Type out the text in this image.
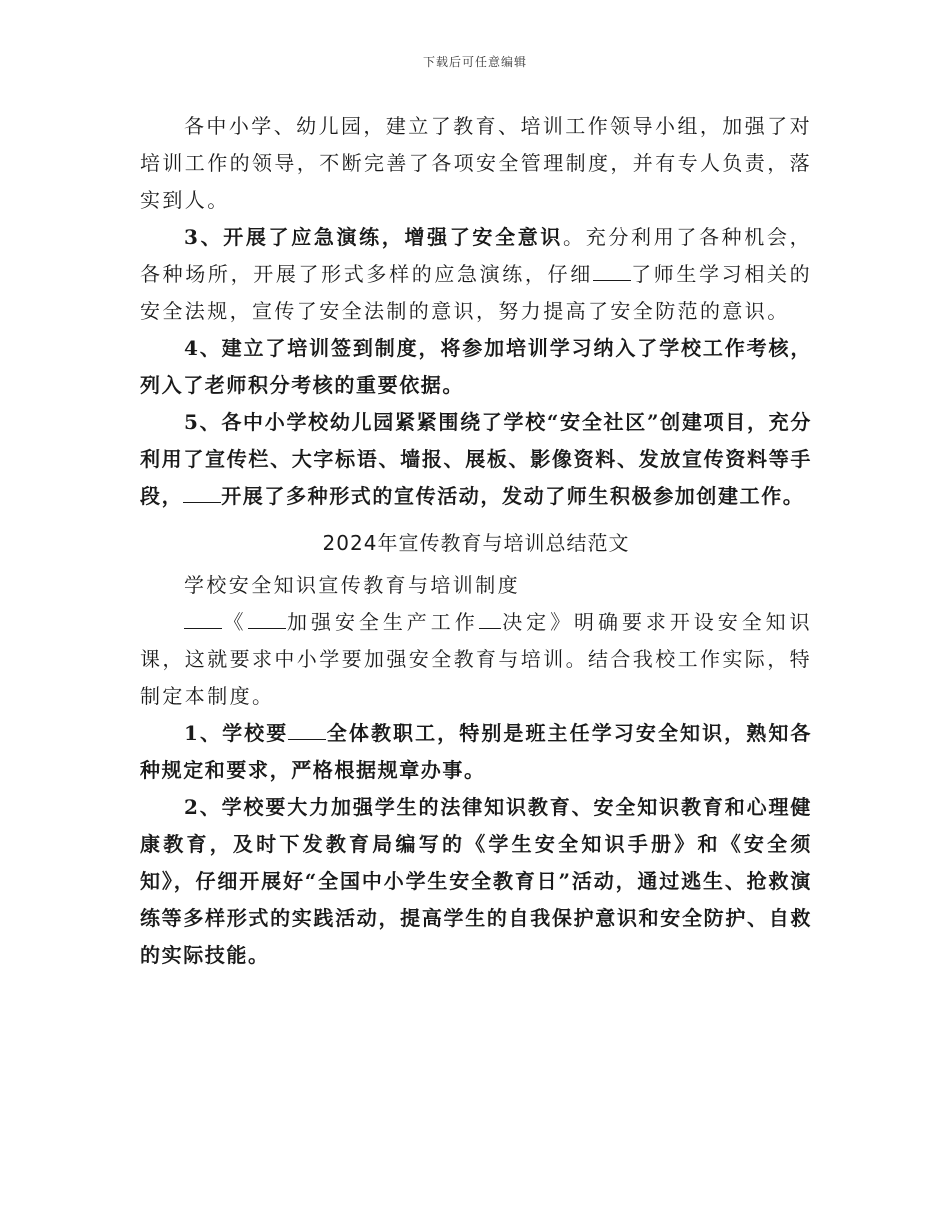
下载后可任意编辑

各中小学、幼儿园，建立了教育、培训工作领导小组，加强了对培训工作的领导，不断完善了各项安全管理制度，并有专人负责，落实到人。

3、开展了应急演练，增强了安全意识。充分利用了各种机会，各种场所，开展了形式多样的应急演练，仔细 了师生学习相关的安全法规，宣传了安全法制的意识，努力提高了安全防范的意识。

4、建立了培训签到制度，将参加培训学习纳入了学校工作考核，列入了老师积分考核的重要依据。

5、各中小学校幼儿园紧紧围绕了学校“安全社区”创建项目，充分利用了宣传栏、大字标语、墙报、展板、影像资料、发放宣传资料等手段， 开展了多种形式的宣传活动，发动了师生积极参加创建工作。

2024年宣传教育与培训总结范文

学校安全知识宣传教育与培训制度

《 加强安全生产工作 决定》明确要求开设安全知识课，这就要求中小学要加强安全教育与培训。结合我校工作实际，特制定本制度。

1、学校要 全体教职工，特别是班主任学习安全知识，熟知各种规定和要求，严格根据规章办事。

2、学校要大力加强学生的法律知识教育、安全知识教育和心理健康教育，及时下发教育局编写的《学生安全知识手册》和《安全须知》，仔细开展好“全国中小学生安全教育日”活动，通过逃生、抢救演练等多样形式的实践活动，提高学生的自我保护意识和安全防护、自救的实际技能。
